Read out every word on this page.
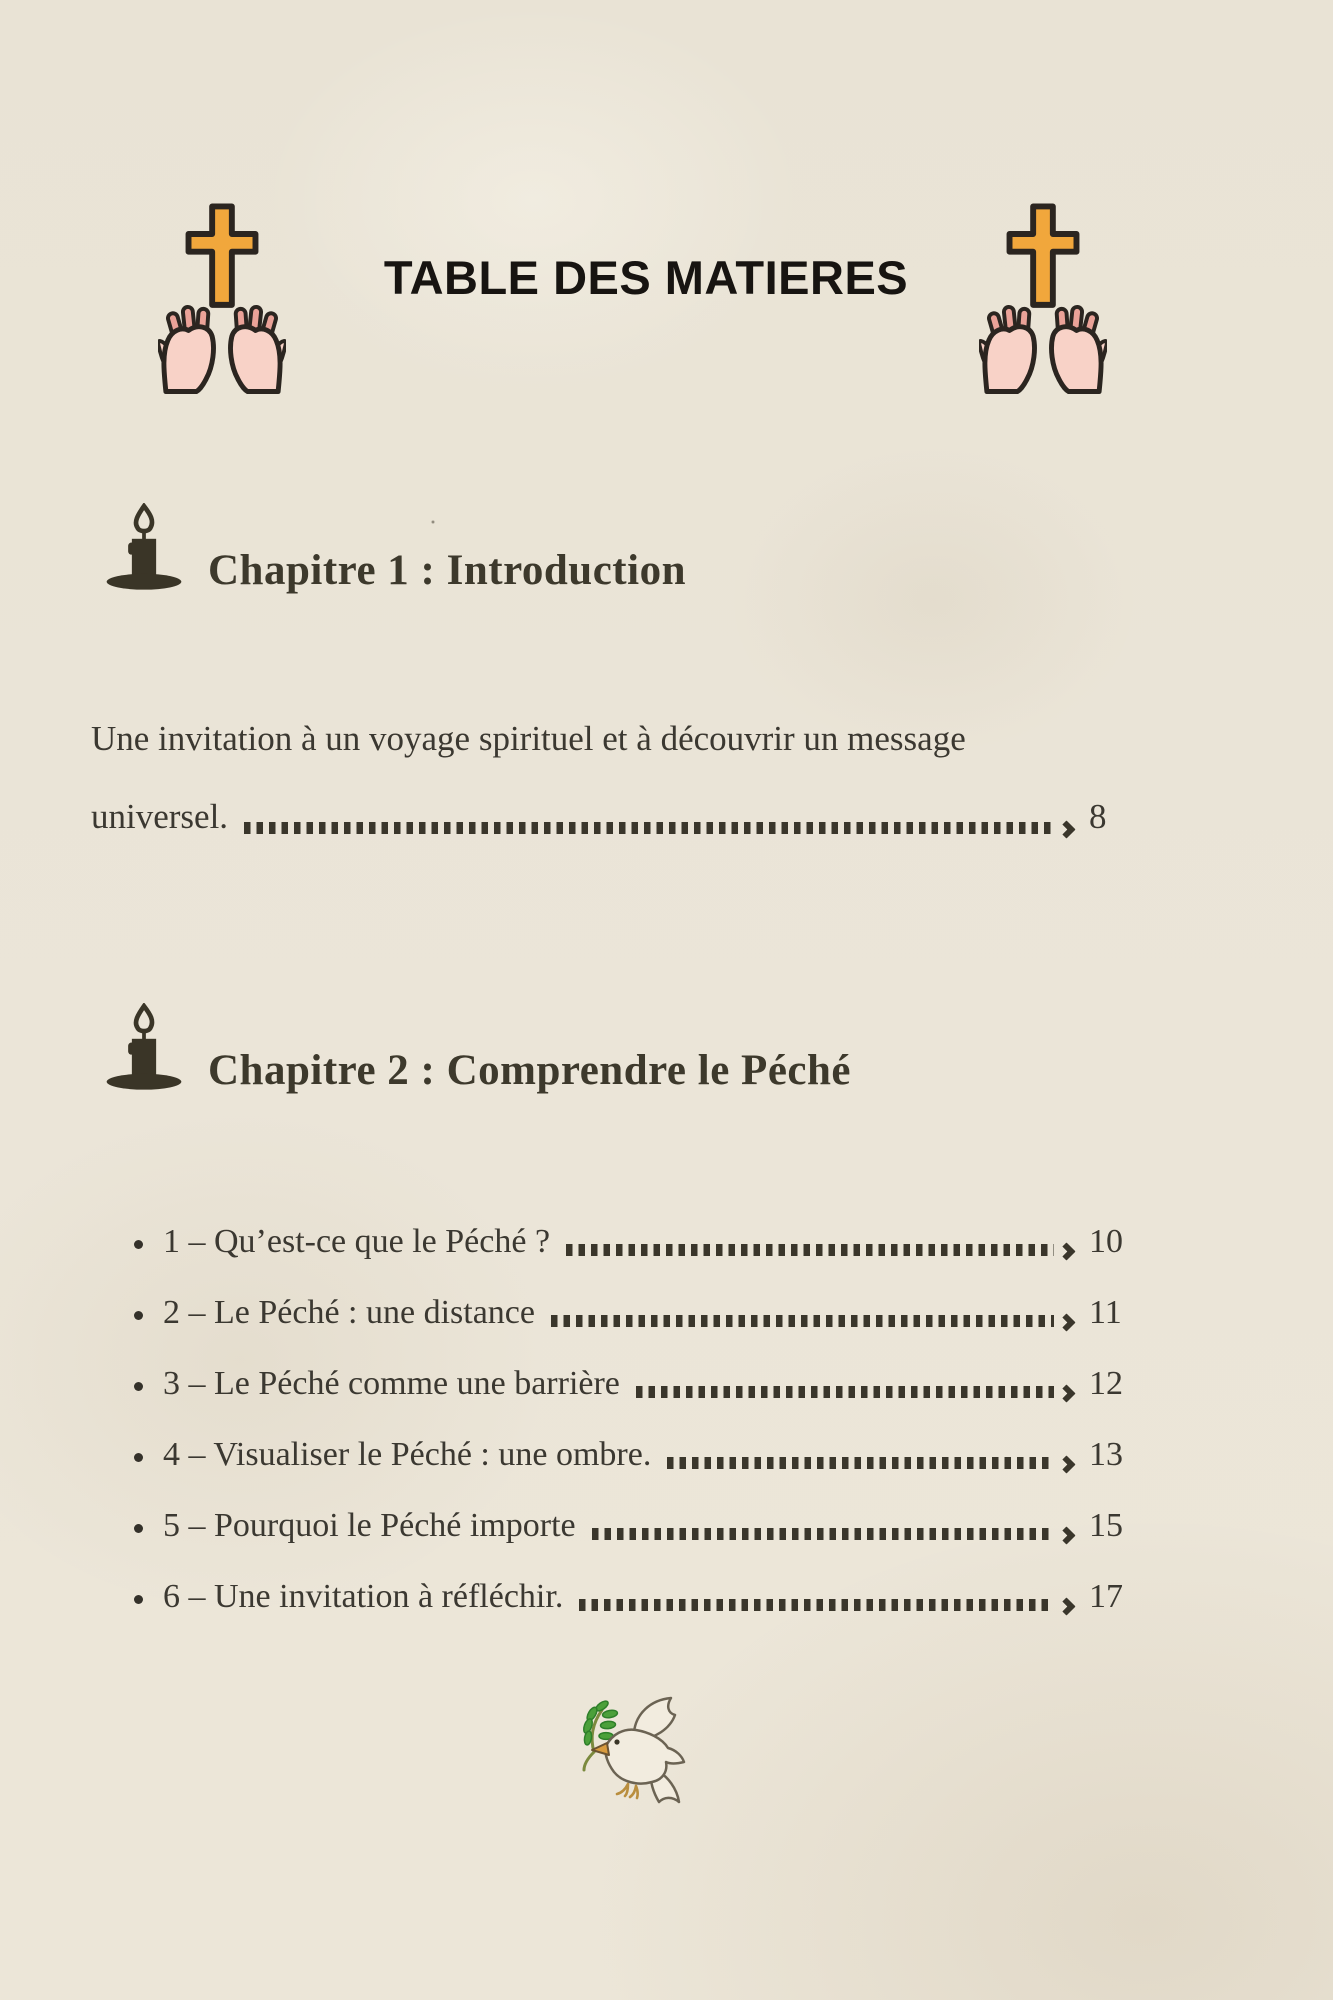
TABLE DES MATIERES
Chapitre 1 : Introduction

Une invitation à un voyage spirituel et à découvrir un message

universel.	8
Chapitre 2 : Comprendre le Péché
1 – Qu’est-ce que le Péché ?	10
2 – Le Péché : une distance	11
3 – Le Péché comme une barrière	12
4 – Visualiser le Péché : une ombre.	13
5 – Pourquoi le Péché importe	15
6 – Une invitation à réfléchir.	17
